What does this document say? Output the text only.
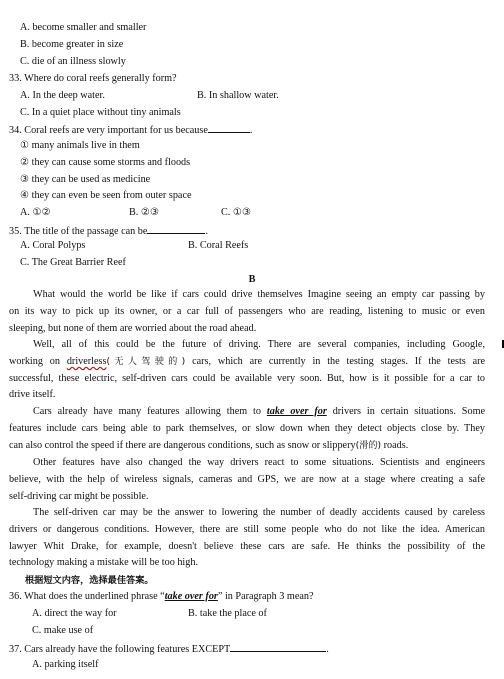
A. become smaller and smaller
B. become greater in size
C. die of an illness slowly
33. Where do coral reefs generally form?
A. In the deep water.	B. In shallow water.
C. In a quiet place without tiny animals
34. Coral reefs are very important for us because	.
① many animals live in them
② they can cause some storms and floods
③ they can be used as medicine
④ they can even be seen from outer space
A. ①②	B. ②③	C. ①③
35. The title of the passage can be	.
A. Coral Polyps	B. Coral Reefs
C. The Great Barrier Reef
B
What would the world be like if cars could drive themselves Imagine seeing an empty car passing by
on its way to pick up its owner, or a car full of passengers who are reading, listening to music or even
sleeping, but none of them are worried about the road ahead.
Well, all of this could be the future of driving. There are several companies, including Google,
working on driverless(无人驾驶的) cars, which are currently in the testing stages. If the tests are
successful, these electric, self-driven cars could be available very soon. But, how is it possible for a car to
drive itself.
Cars already have many features allowing them to take over for drivers in certain situations. Some
features include cars being able to park themselves, or slow down when they detect objects close by. They
can also control the speed if there are dangerous conditions, such as snow or slippery(滑的) roads.
Other features have also changed the way drivers react to some situations. Scientists and engineers
believe, with the help of wireless signals, cameras and GPS, we are now at a stage where creating a safe
self-driving car might be possible.
The self-driven car may be the answer to lowering the number of deadly accidents caused by careless
drivers or dangerous conditions. However, there are still some people who do not like the idea. American
lawyer Whit Drake, for example, doesn't believe these cars are safe. He thinks the possibility of the
technology making a mistake will be too high.
根据短文内容，选择最佳答案。
36. What does the underlined phrase “take over for” in Paragraph 3 mean?
A. direct the way for	B. take the place of
C. make use of
37. Cars already have the following features EXCEPT	.
A. parking itself
